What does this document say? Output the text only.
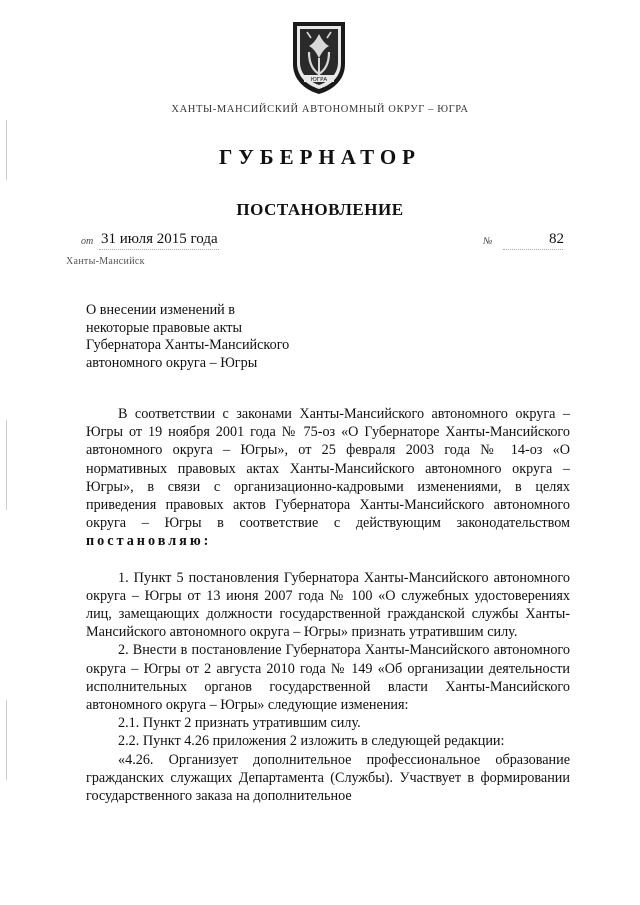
ЮГРА
ХАНТЫ-МАНСИЙСКИЙ АВТОНОМНЫЙ ОКРУГ – ЮГРА
ГУБЕРНАТОР
ПОСТАНОВЛЕНИЕ
от 31 июля 2015 года	№	82
Ханты-Мансийск
О внесении изменений в
некоторые правовые акты
Губернатора Ханты-Мансийского
автономного округа – Югры
В соответствии с законами Ханты-Мансийского автономного округа – Югры от 19 ноября 2001 года № 75-оз «О Губернаторе Ханты-Мансийского автономного округа – Югры», от 25 февраля 2003 года № 14-оз «О нормативных правовых актах Ханты-Мансийского автономного округа – Югры», в связи с организационно-кадровыми изменениями, в целях приведения правовых актов Губернатора Ханты-Мансийского автономного округа – Югры в соответствие с действующим законодательством постановляю:
1. Пункт 5 постановления Губернатора Ханты-Мансийского автономного округа – Югры от 13 июня 2007 года № 100 «О служебных удостоверениях лиц, замещающих должности государственной гражданской службы Ханты-Мансийского автономного округа – Югры» признать утратившим силу.
2. Внести в постановление Губернатора Ханты-Мансийского автономного округа – Югры от 2 августа 2010 года № 149 «Об организации деятельности исполнительных органов государственной власти Ханты-Мансийского автономного округа – Югры» следующие изменения:
2.1. Пункт 2 признать утратившим силу.
2.2. Пункт 4.26 приложения 2 изложить в следующей редакции:
«4.26. Организует дополнительное профессиональное образование гражданских служащих Департамента (Службы). Участвует в формировании государственного заказа на дополнительное
